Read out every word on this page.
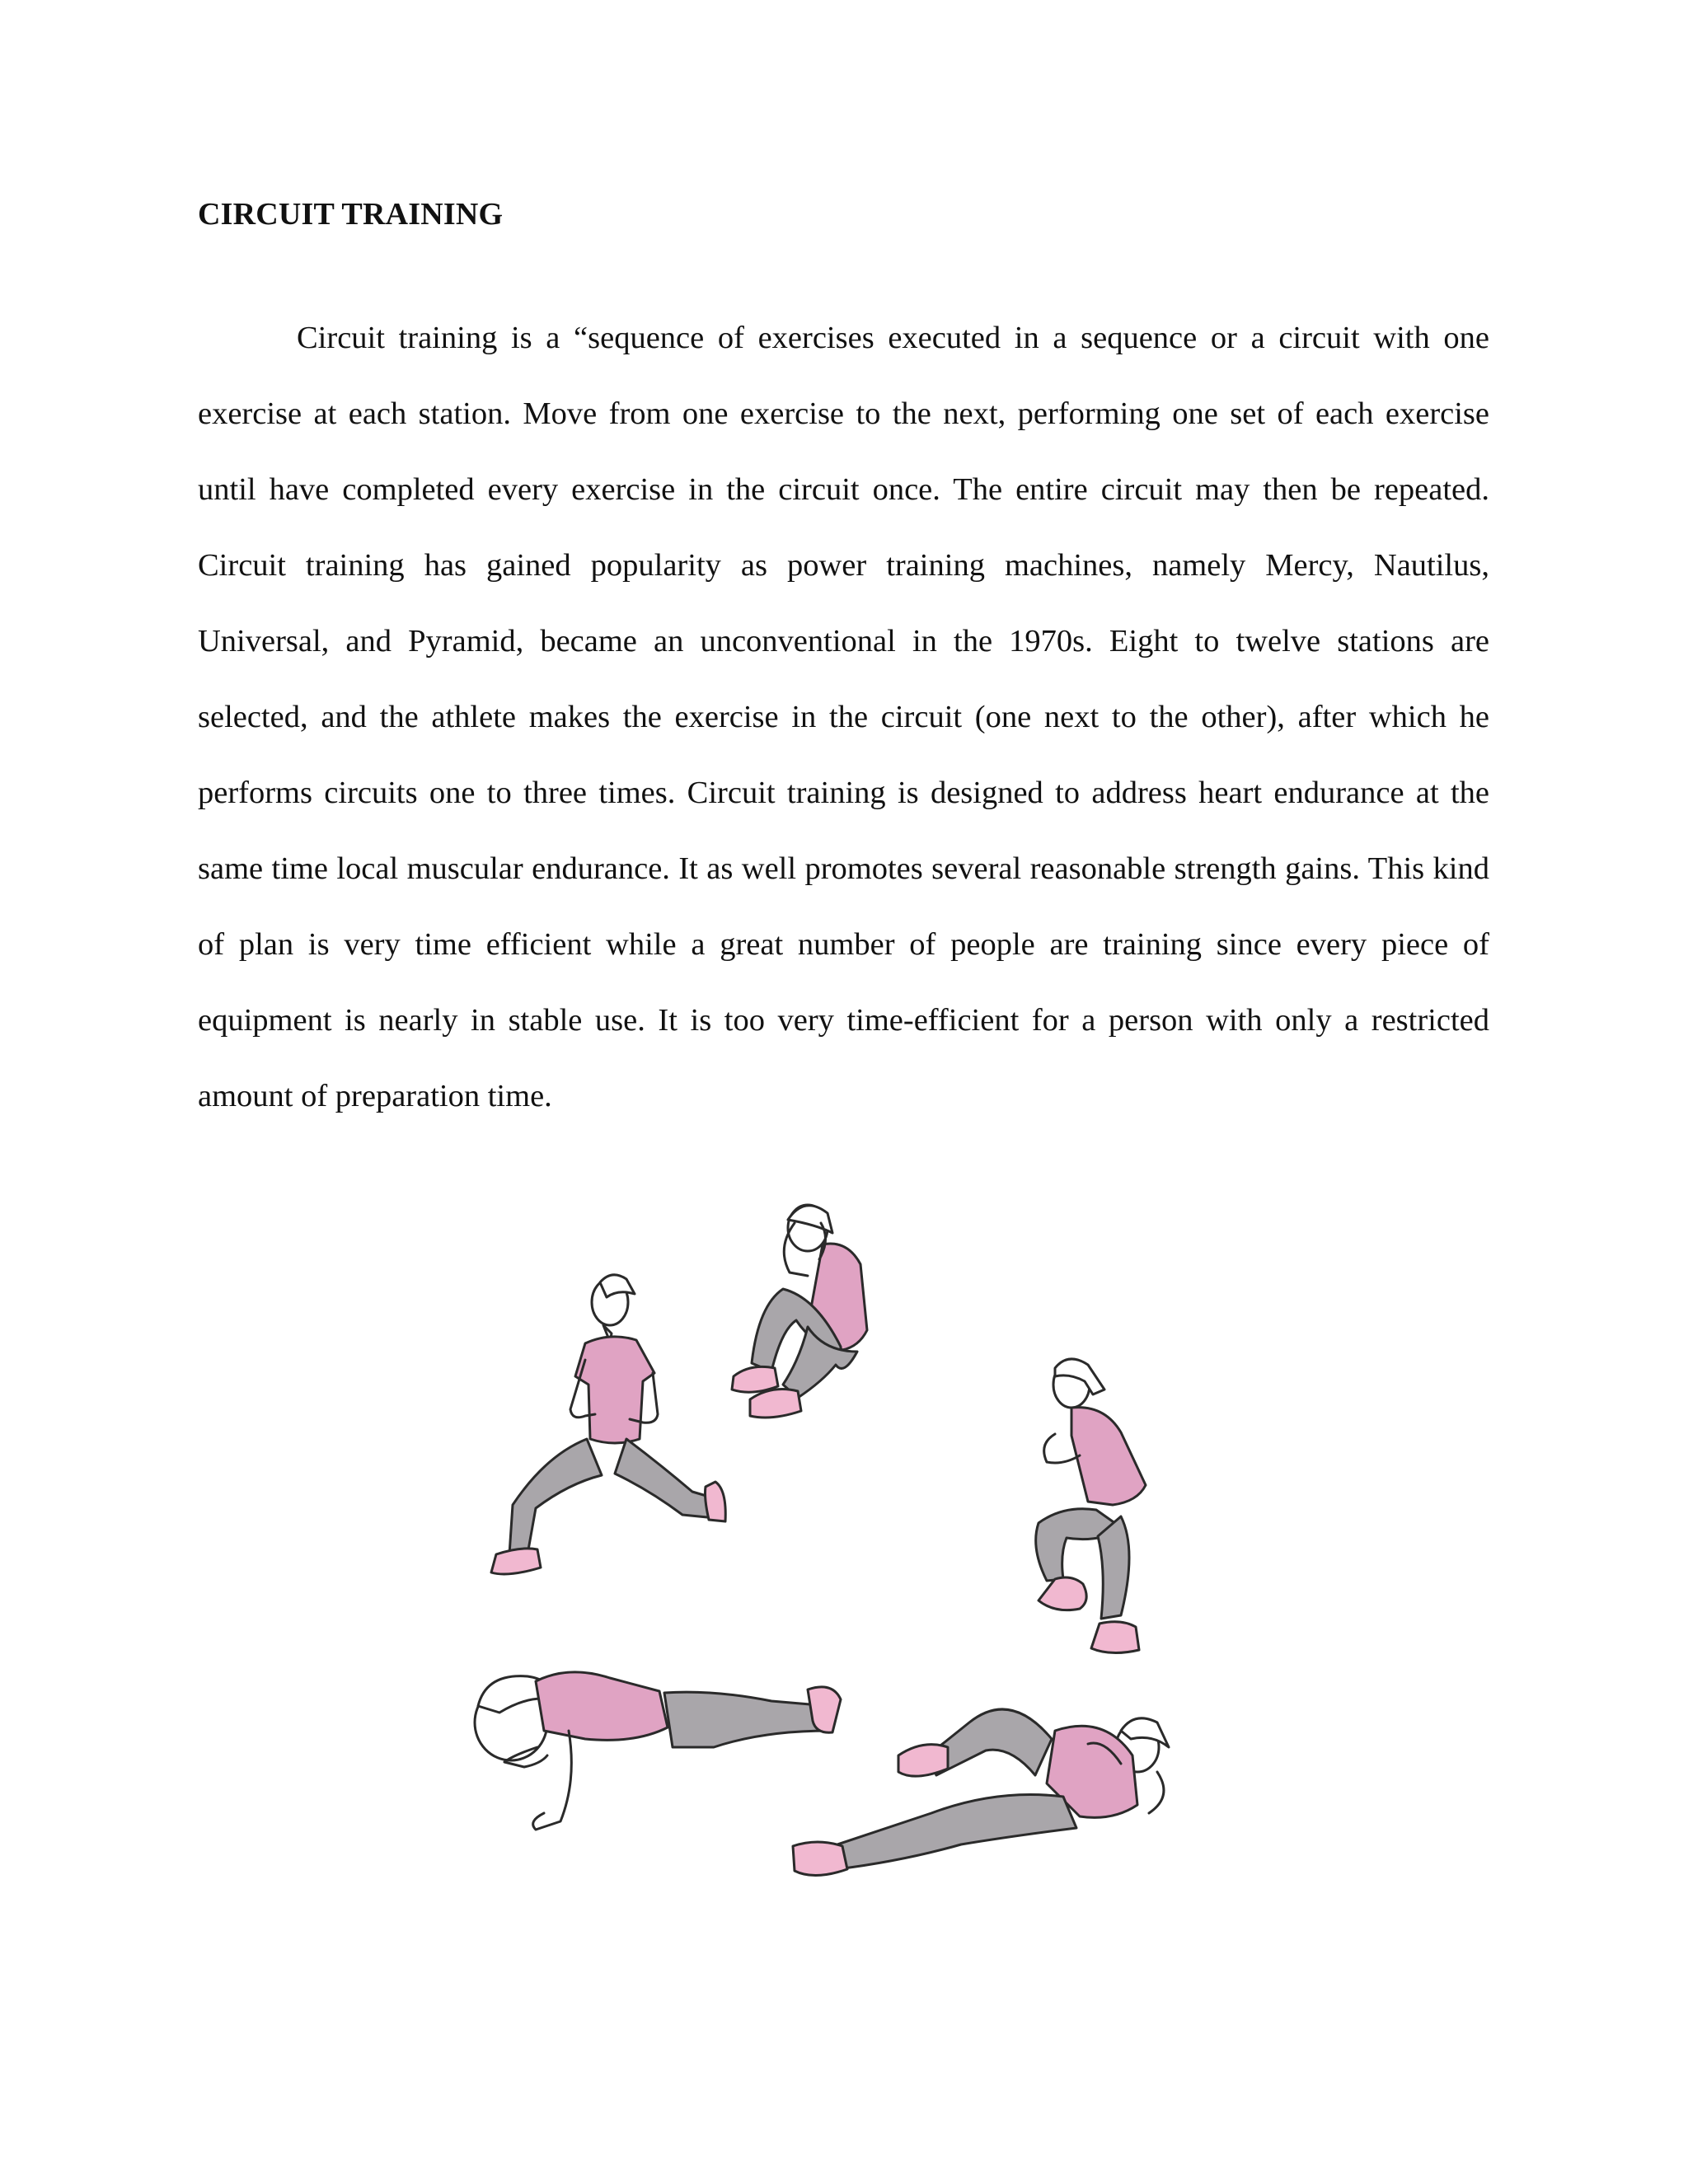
CIRCUIT TRAINING

Circuit training is a “sequence of exercises executed in a sequence or a circuit with one exercise at each station. Move from one exercise to the next, performing one set of each exercise until have completed every exercise in the circuit once. The entire circuit may then be repeated. Circuit training has gained popularity as power training machines, namely Mercy, Nautilus, Universal, and Pyramid, became an unconventional in the 1970s. Eight to twelve stations are selected, and the athlete makes the exercise in the circuit (one next to the other), after which he performs circuits one to three times. Circuit training is designed to address heart endurance at the same time local muscular endurance. It as well promotes several reasonable strength gains. This kind of plan is very time efficient while a great number of people are training since every piece of equipment is nearly in stable use. It is too very time-efficient for a person with only a restricted amount of preparation time.
